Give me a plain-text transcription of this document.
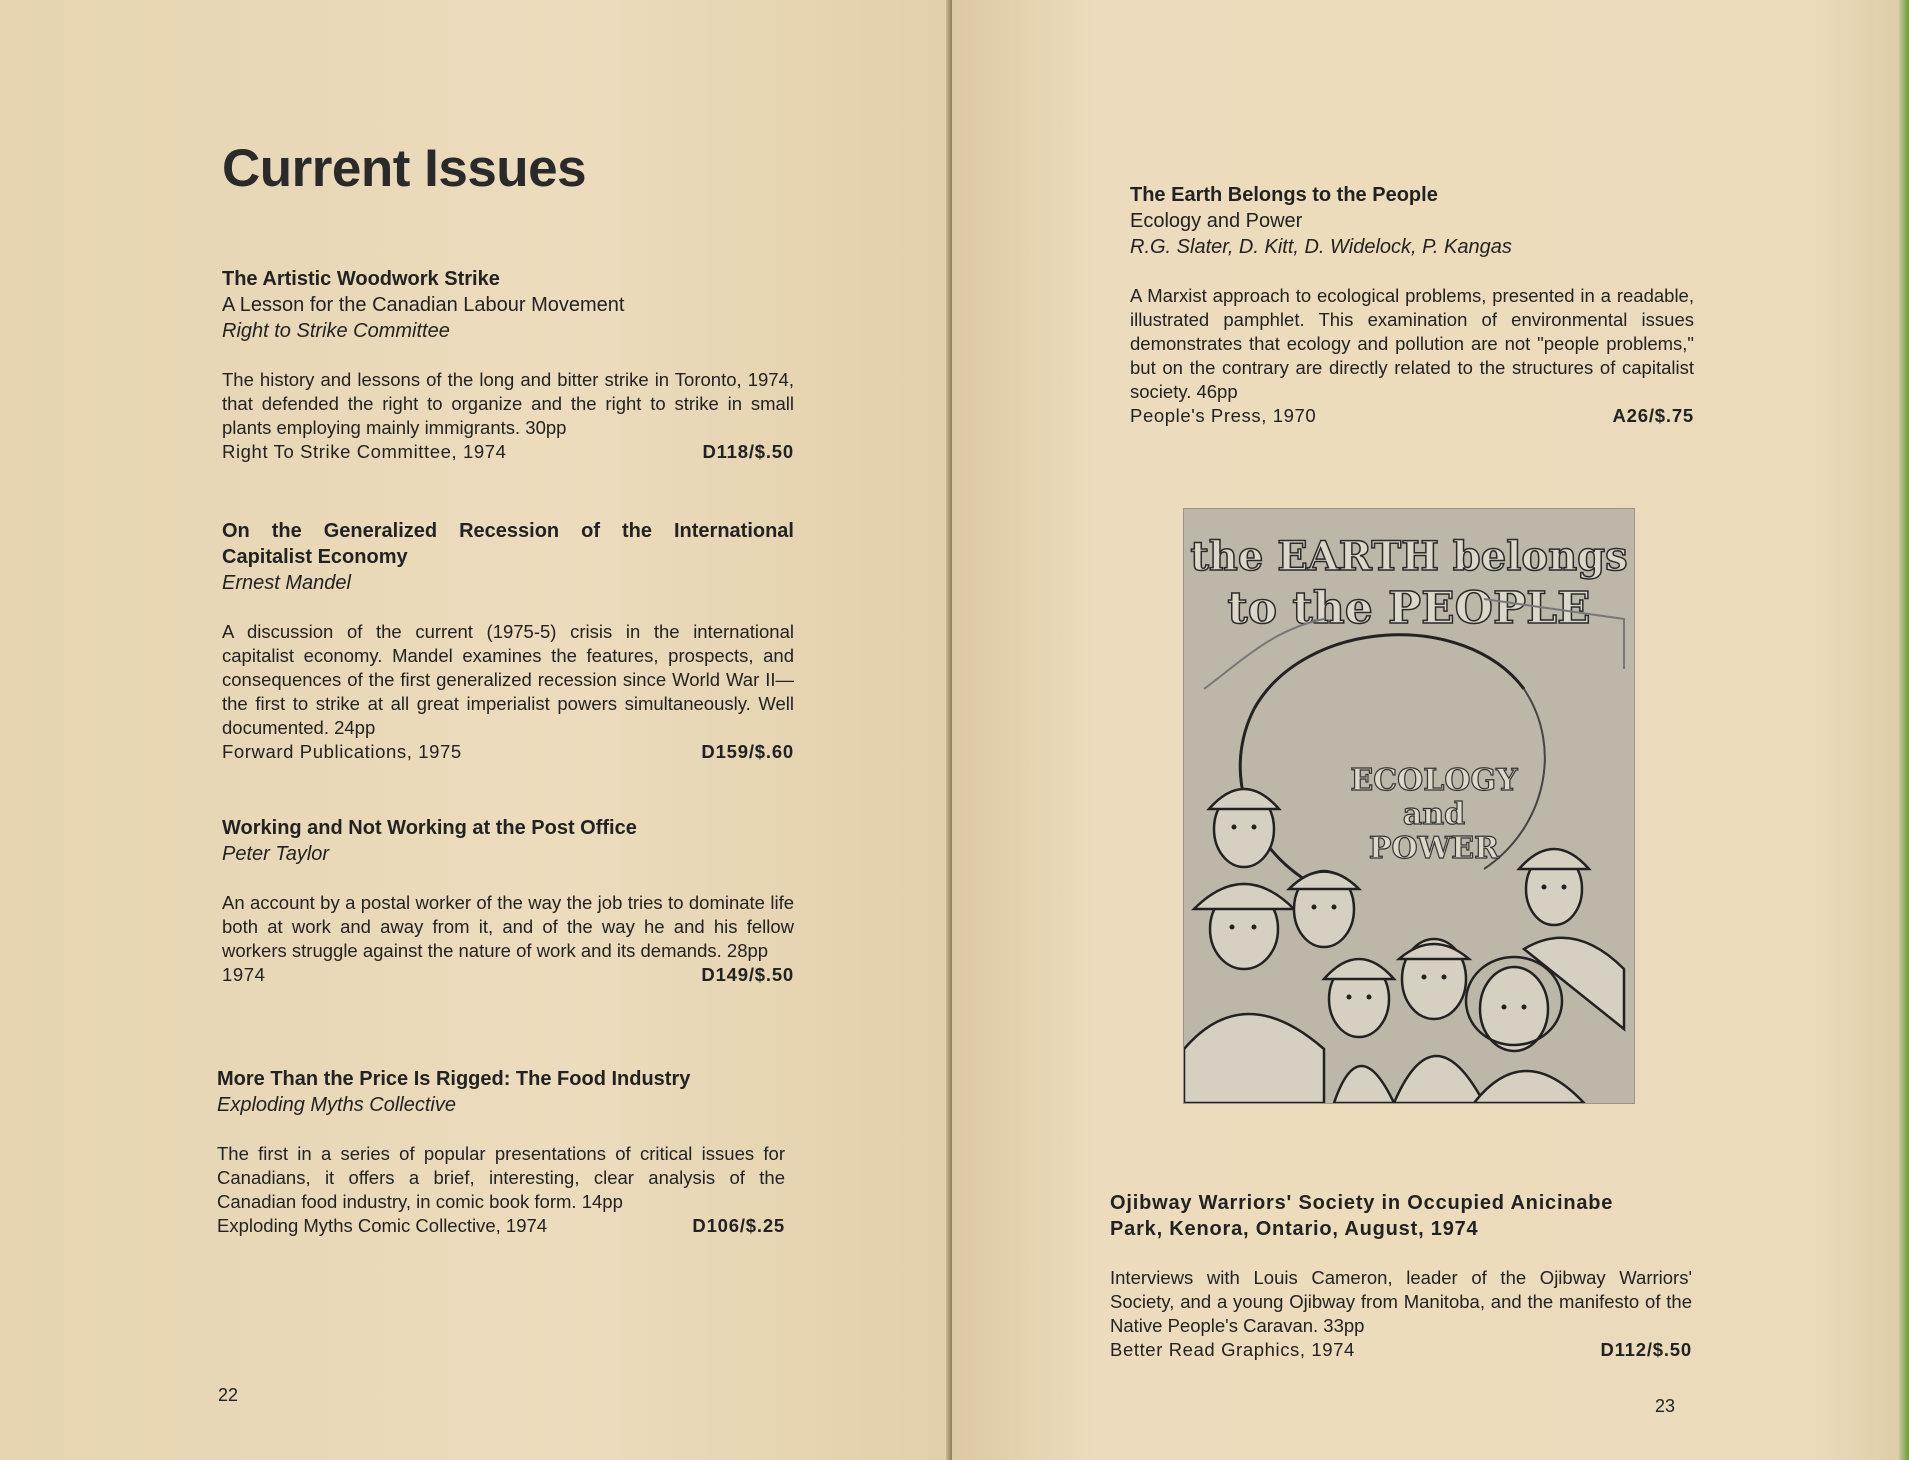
Current Issues
The Artistic Woodwork Strike
A Lesson for the Canadian Labour Movement
Right to Strike Committee
The history and lessons of the long and bitter strike in Toronto, 1974, that defended the right to organize and the right to strike in small plants employing mainly immigrants. 30pp
Right To Strike Committee, 1974	D118/$.50
On the Generalized Recession of the International
Capitalist Economy
Ernest Mandel
A discussion of the current (1975-5) crisis in the international capitalist economy. Mandel examines the features, prospects, and consequences of the first generalized recession since World War II— the first to strike at all great imperialist powers simultaneously. Well documented. 24pp
Forward Publications, 1975	D159/$.60
Working and Not Working at the Post Office
Peter Taylor
An account by a postal worker of the way the job tries to dominate life both at work and away from it, and of the way he and his fellow workers struggle against the nature of work and its demands. 28pp
1974	D149/$.50
More Than the Price Is Rigged: The Food Industry
Exploding Myths Collective
The first in a series of popular presentations of critical issues for Canadians, it offers a brief, interesting, clear analysis of the Canadian food industry, in comic book form. 14pp
Exploding Myths Comic Collective, 1974	D106/$.25
22
The Earth Belongs to the People
Ecology and Power
R.G. Slater, D. Kitt, D. Widelock, P. Kangas
A Marxist approach to ecological problems, presented in a readable, illustrated pamphlet. This examination of environmental issues demonstrates that ecology and pollution are not "people problems," but on the contrary are directly related to the structures of capitalist society. 46pp
People's Press, 1970	A26/$.75
Ojibway Warriors' Society in Occupied Anicinabe
Park, Kenora, Ontario, August, 1974
Interviews with Louis Cameron, leader of the Ojibway Warriors' Society, and a young Ojibway from Manitoba, and the manifesto of the Native People's Caravan. 33pp
Better Read Graphics, 1974	D112/$.50
23
the EARTH belongs
to the PEOPLE
ECOLOGY
and
POWER
